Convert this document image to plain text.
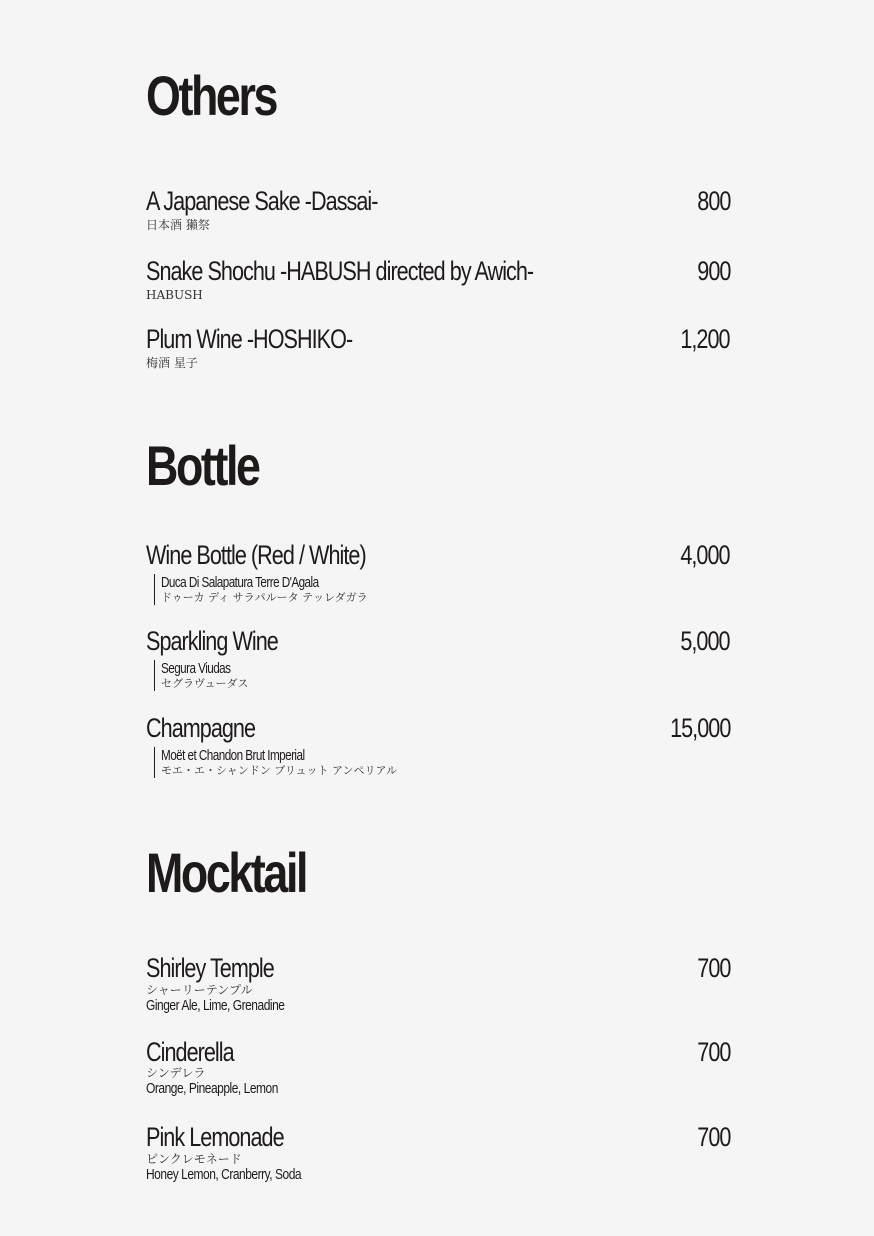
Others
A Japanese Sake -Dassai-	800
日本酒 獺祭
Snake Shochu -HABUSH directed by Awich-	900
HABUSH
Plum Wine -HOSHIKO-	1,200
梅酒 星子
Bottle
Wine Bottle (Red / White)	4,000
Duca Di Salapatura Terre D'Agala
ドゥーカ ディ サラパルータ テッレダガラ
Sparkling Wine	5,000
Segura Viudas
セグラヴューダス
Champagne	15,000
Moët et Chandon Brut Imperial
モエ・エ・シャンドン ブリュット アンペリアル
Mocktail
Shirley Temple	700
シャーリーテンプル
Ginger Ale, Lime, Grenadine
Cinderella	700
シンデレラ
Orange, Pineapple, Lemon
Pink Lemonade	700
ピンクレモネード
Honey Lemon, Cranberry, Soda
